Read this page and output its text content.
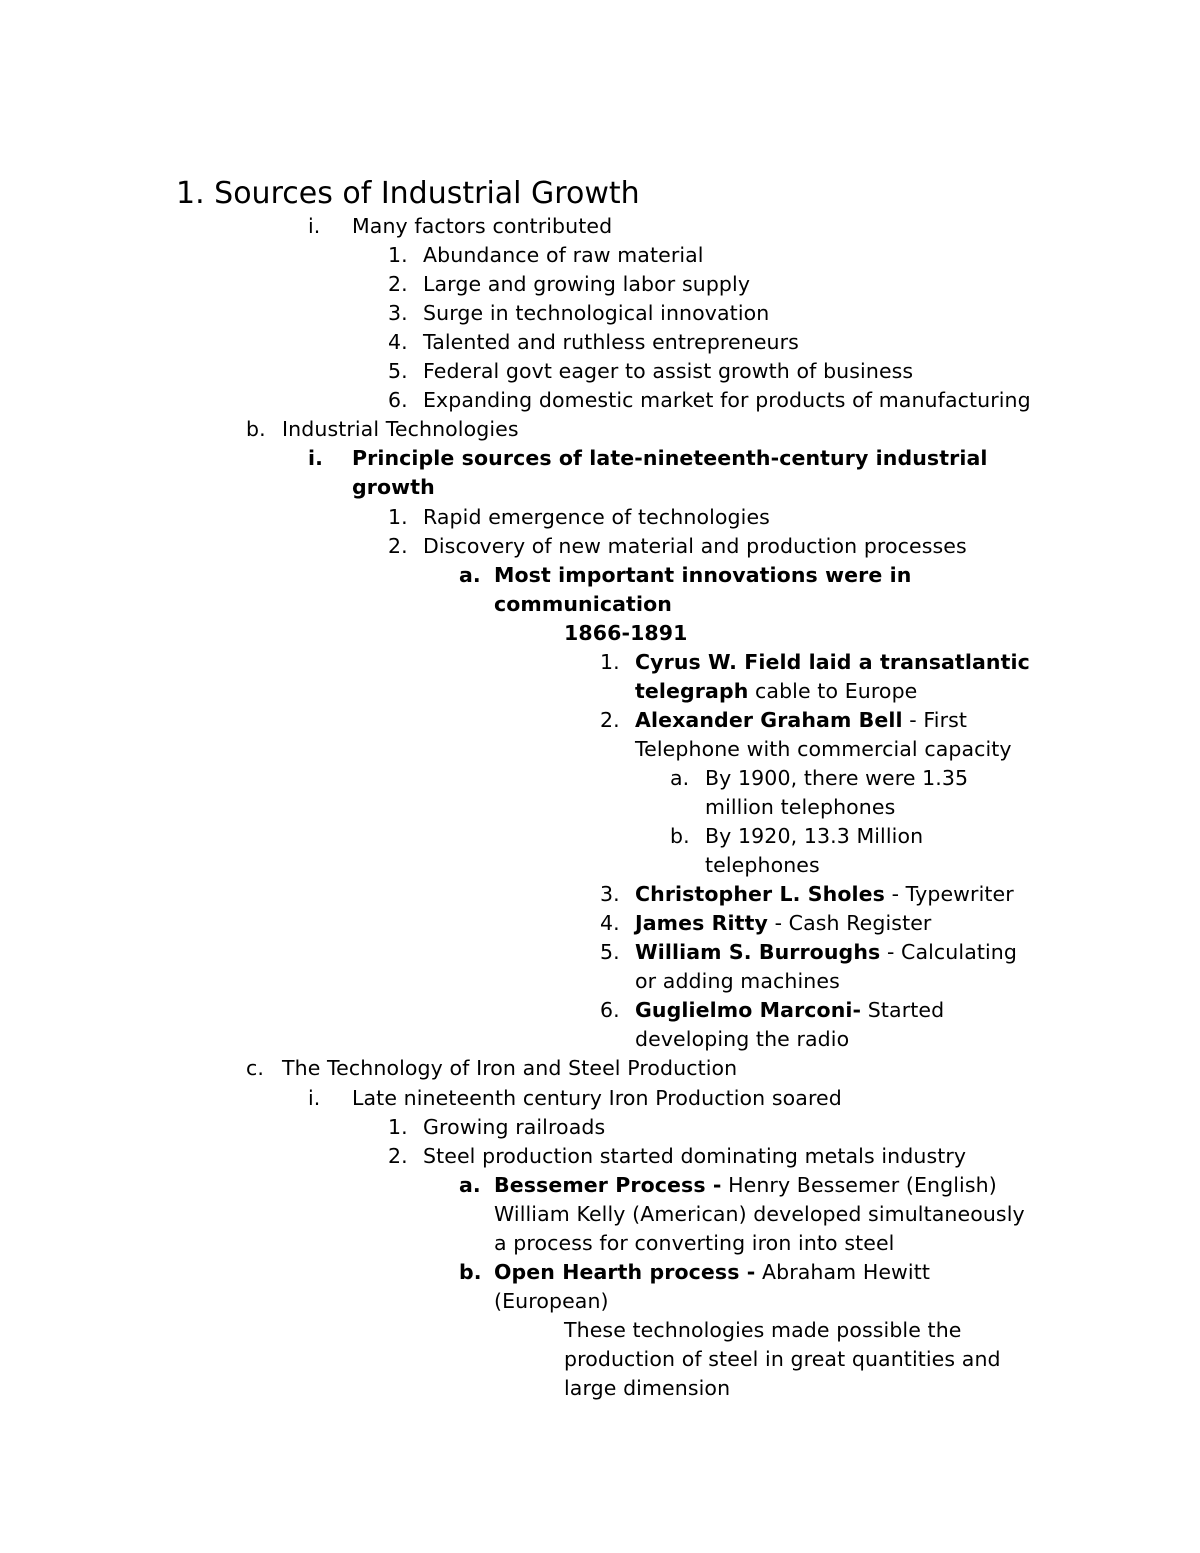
1. Sources of Industrial Growth
i. Many factors contributed
1. Abundance of raw material
2. Large and growing labor supply
3. Surge in technological innovation
4. Talented and ruthless entrepreneurs
5. Federal govt eager to assist growth of business
6. Expanding domestic market for products of manufacturing
b. Industrial Technologies
i. Principle sources of late-nineteenth-century industrial
growth
1. Rapid emergence of technologies
2. Discovery of new material and production processes
a. Most important innovations were in
communication
1866-1891
1. Cyrus W. Field laid a transatlantic
telegraph cable to Europe
2. Alexander Graham Bell - First
Telephone with commercial capacity
a. By 1900, there were 1.35
million telephones
b. By 1920, 13.3 Million
telephones
3. Christopher L. Sholes - Typewriter
4. James Ritty - Cash Register
5. William S. Burroughs - Calculating
or adding machines
6. Guglielmo Marconi- Started
developing the radio
c. The Technology of Iron and Steel Production
i. Late nineteenth century Iron Production soared
1. Growing railroads
2. Steel production started dominating metals industry
a. Bessemer Process - Henry Bessemer (English)
William Kelly (American) developed simultaneously
a process for converting iron into steel
b. Open Hearth process - Abraham Hewitt
(European)
These technologies made possible the
production of steel in great quantities and
large dimension
